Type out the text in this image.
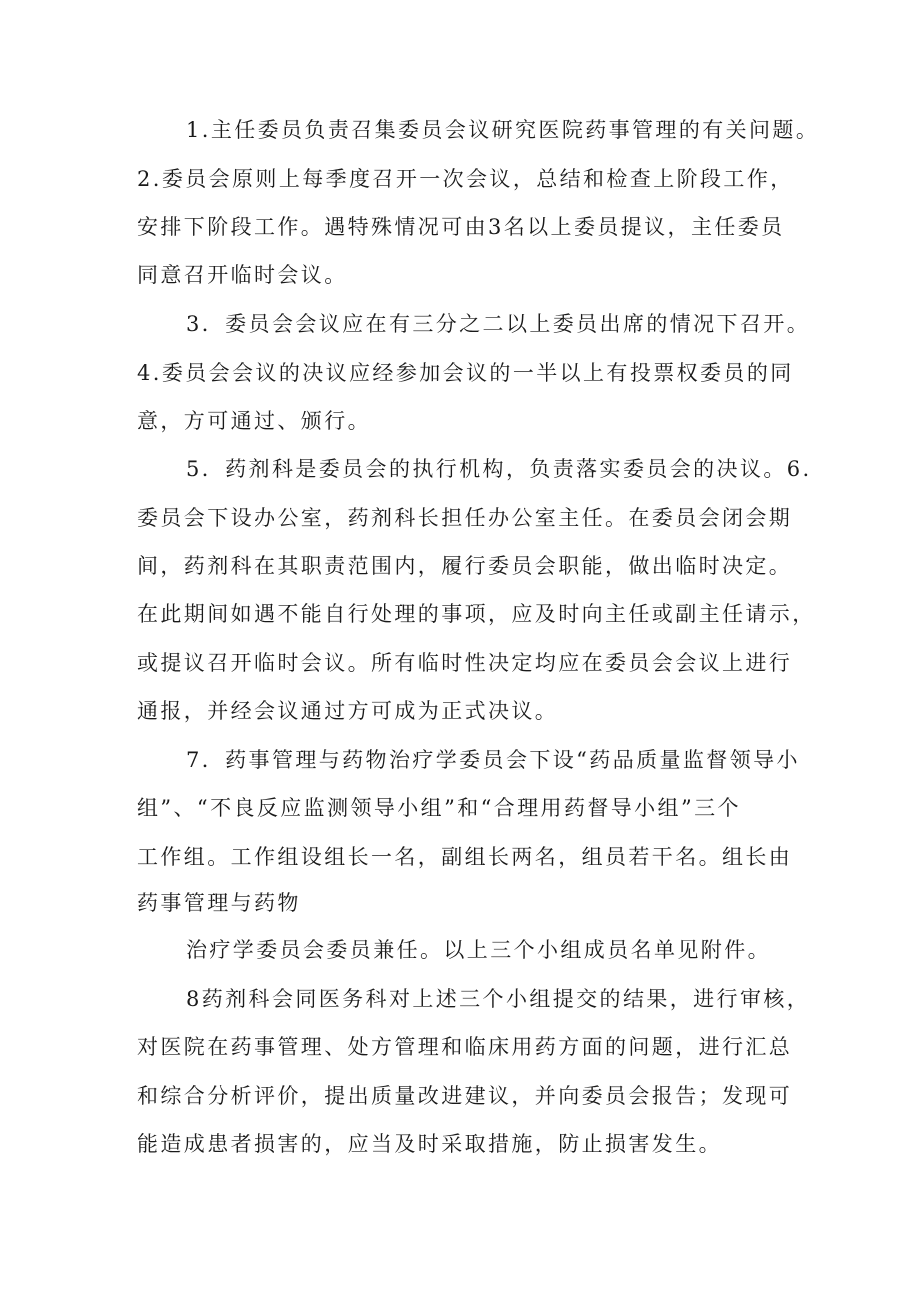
1.主任委员负责召集委员会议研究医院药事管理的有关问题。

2.委员会原则上每季度召开一次会议，总结和检查上阶段工作，

安排下阶段工作。遇特殊情况可由3名以上委员提议，主任委员

同意召开临时会议。

3．委员会会议应在有三分之二以上委员出席的情况下召开。

4.委员会会议的决议应经参加会议的一半以上有投票权委员的同

意，方可通过、颁行。

5．药剂科是委员会的执行机构，负责落实委员会的决议。6.

委员会下设办公室，药剂科长担任办公室主任。在委员会闭会期

间，药剂科在其职责范围内，履行委员会职能，做出临时决定。

在此期间如遇不能自行处理的事项，应及时向主任或副主任请示，

或提议召开临时会议。所有临时性决定均应在委员会会议上进行

通报，并经会议通过方可成为正式决议。

7．药事管理与药物治疗学委员会下设“药品质量监督领导小

组”、“不良反应监测领导小组”和“合理用药督导小组”三个

工作组。工作组设组长一名，副组长两名，组员若干名。组长由

药事管理与药物

治疗学委员会委员兼任。以上三个小组成员名单见附件。

8药剂科会同医务科对上述三个小组提交的结果，进行审核，

对医院在药事管理、处方管理和临床用药方面的问题，进行汇总

和综合分析评价，提出质量改进建议，并向委员会报告；发现可

能造成患者损害的，应当及时采取措施，防止损害发生。
